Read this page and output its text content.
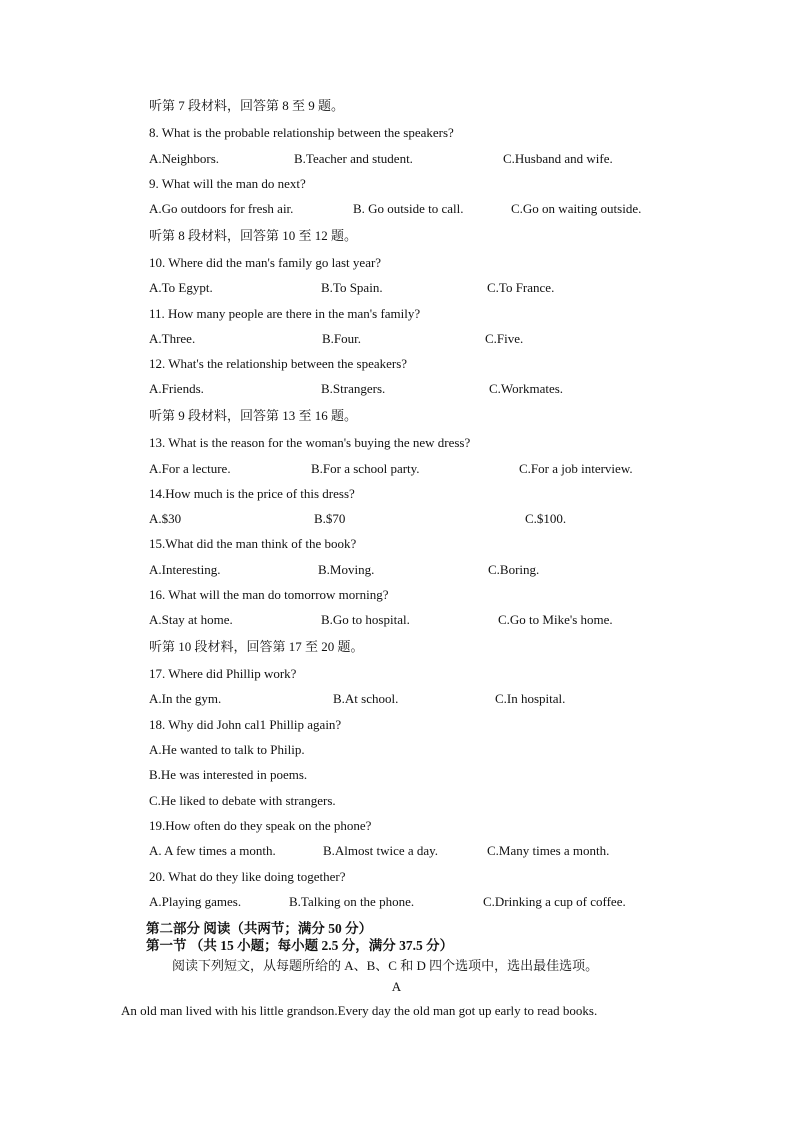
听第 7 段材料，回答第 8 至 9 题。
8. What is the probable relationship between the speakers?
A.Neighbors.	B.Teacher and student.	C.Husband and wife.
9. What will the man do next?
A.Go outdoors for fresh air.	B. Go outside to call.	C.Go on waiting outside.
听第 8 段材料，回答第 10 至 12 题。
10. Where did the man's family go last year?
A.To Egypt.	B.To Spain.	C.To France.
11. How many people are there in the man's family?
A.Three.	B.Four.	C.Five.
12. What's the relationship between the speakers?
A.Friends.	B.Strangers.	C.Workmates.
听第 9 段材料，回答第 13 至 16 题。
13. What is the reason for the woman's buying the new dress?
A.For a lecture.	B.For a school party.	C.For a job interview.
14.How much is the price of this dress?
A.$30	B.$70	C.$100.
15.What did the man think of the book?
A.Interesting.	B.Moving.	C.Boring.
16. What will the man do tomorrow morning?
A.Stay at home.	B.Go to hospital.	C.Go to Mike's home.
听第 10 段材料，回答第 17 至 20 题。
17. Where did Phillip work?
A.In the gym.	B.At school.	C.In hospital.
18. Why did John cal1 Phillip again?
A.He wanted to talk to Philip.
B.He was interested in poems.
C.He liked to debate with strangers.
19.How often do they speak on the phone?
A. A few times a month.	B.Almost twice a day.	C.Many times a month.
20. What do they like doing together?
A.Playing games.	B.Talking on the phone.	C.Drinking a cup of coffee.
第二部分 阅读（共两节；满分 50 分）
第一节 （共 15 小题；每小题 2.5 分，满分 37.5 分）
阅读下列短文，从每题所给的 A、B、C 和 D 四个选项中，选出最佳选项。
A
An old man lived with his little grandson.Every day the old man got up early to read books.
